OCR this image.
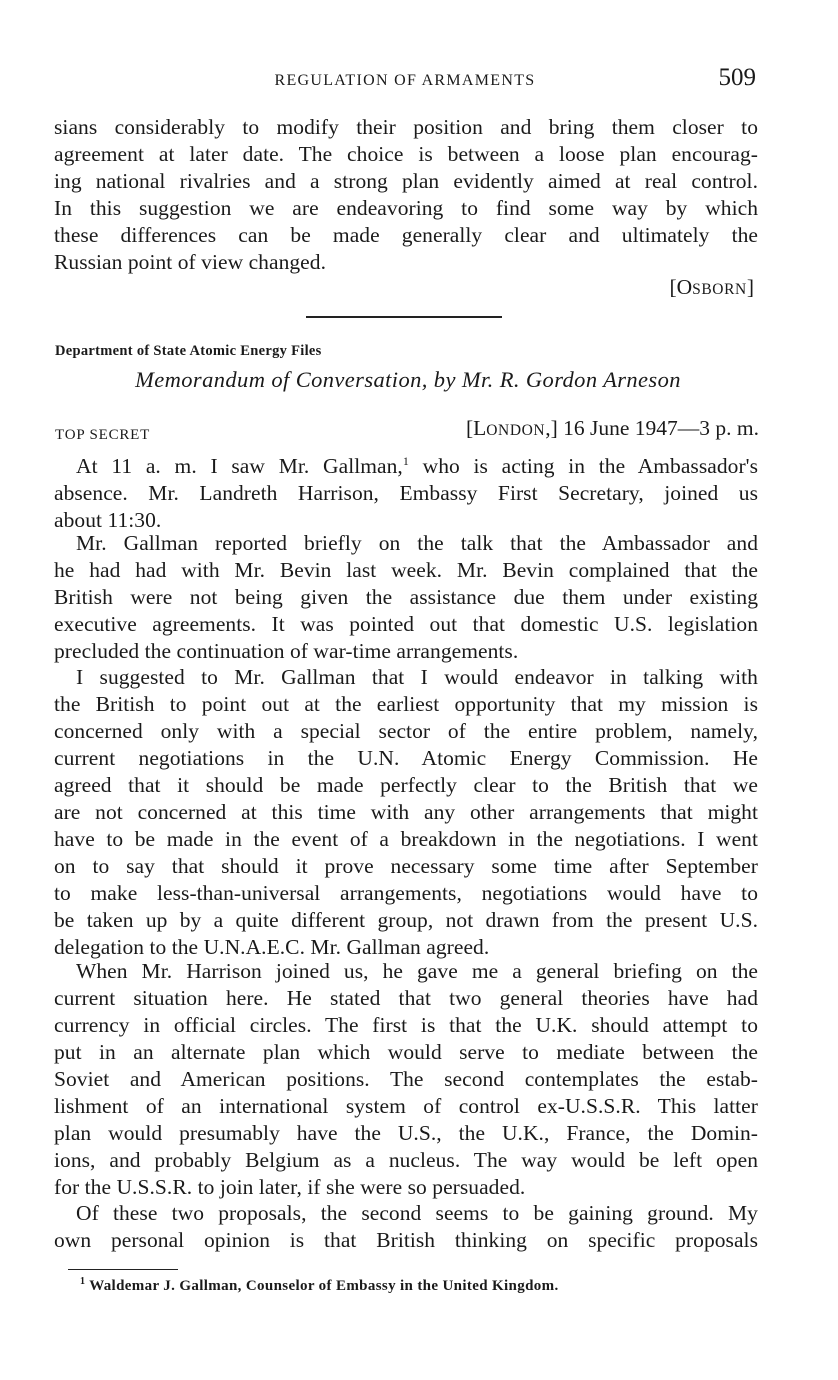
REGULATION OF ARMAMENTS	509
sians considerably to modify their position and bring them closer to
agreement at later date. The choice is between a loose plan encourag-
ing national rivalries and a strong plan evidently aimed at real control.
In this suggestion we are endeavoring to find some way by which
these differences can be made generally clear and ultimately the
Russian point of view changed.
[OSBORN]
Department of State Atomic Energy Files
Memorandum of Conversation, by Mr. R. Gordon Arneson
TOP SECRET	[LONDON,] 16 June 1947—3 p. m.
At 11 a. m. I saw Mr. Gallman,$^1$ who is acting in the Ambassador's
absence. Mr. Landreth Harrison, Embassy First Secretary, joined us
about 11:30.
Mr. Gallman reported briefly on the talk that the Ambassador and
he had had with Mr. Bevin last week. Mr. Bevin complained that the
British were not being given the assistance due them under existing
executive agreements. It was pointed out that domestic U.S. legislation
precluded the continuation of war-time arrangements.
I suggested to Mr. Gallman that I would endeavor in talking with
the British to point out at the earliest opportunity that my mission is
concerned only with a special sector of the entire problem, namely,
current negotiations in the U.N. Atomic Energy Commission. He
agreed that it should be made perfectly clear to the British that we
are not concerned at this time with any other arrangements that might
have to be made in the event of a breakdown in the negotiations. I went
on to say that should it prove necessary some time after September
to make less-than-universal arrangements, negotiations would have to
be taken up by a quite different group, not drawn from the present U.S.
delegation to the U.N.A.E.C. Mr. Gallman agreed.
When Mr. Harrison joined us, he gave me a general briefing on the
current situation here. He stated that two general theories have had
currency in official circles. The first is that the U.K. should attempt to
put in an alternate plan which would serve to mediate between the
Soviet and American positions. The second contemplates the estab-
lishment of an international system of control ex-U.S.S.R. This latter
plan would presumably have the U.S., the U.K., France, the Domin-
ions, and probably Belgium as a nucleus. The way would be left open
for the U.S.S.R. to join later, if she were so persuaded.
Of these two proposals, the second seems to be gaining ground. My
own personal opinion is that British thinking on specific proposals
$^1$ Waldemar J. Gallman, Counselor of Embassy in the United Kingdom.
